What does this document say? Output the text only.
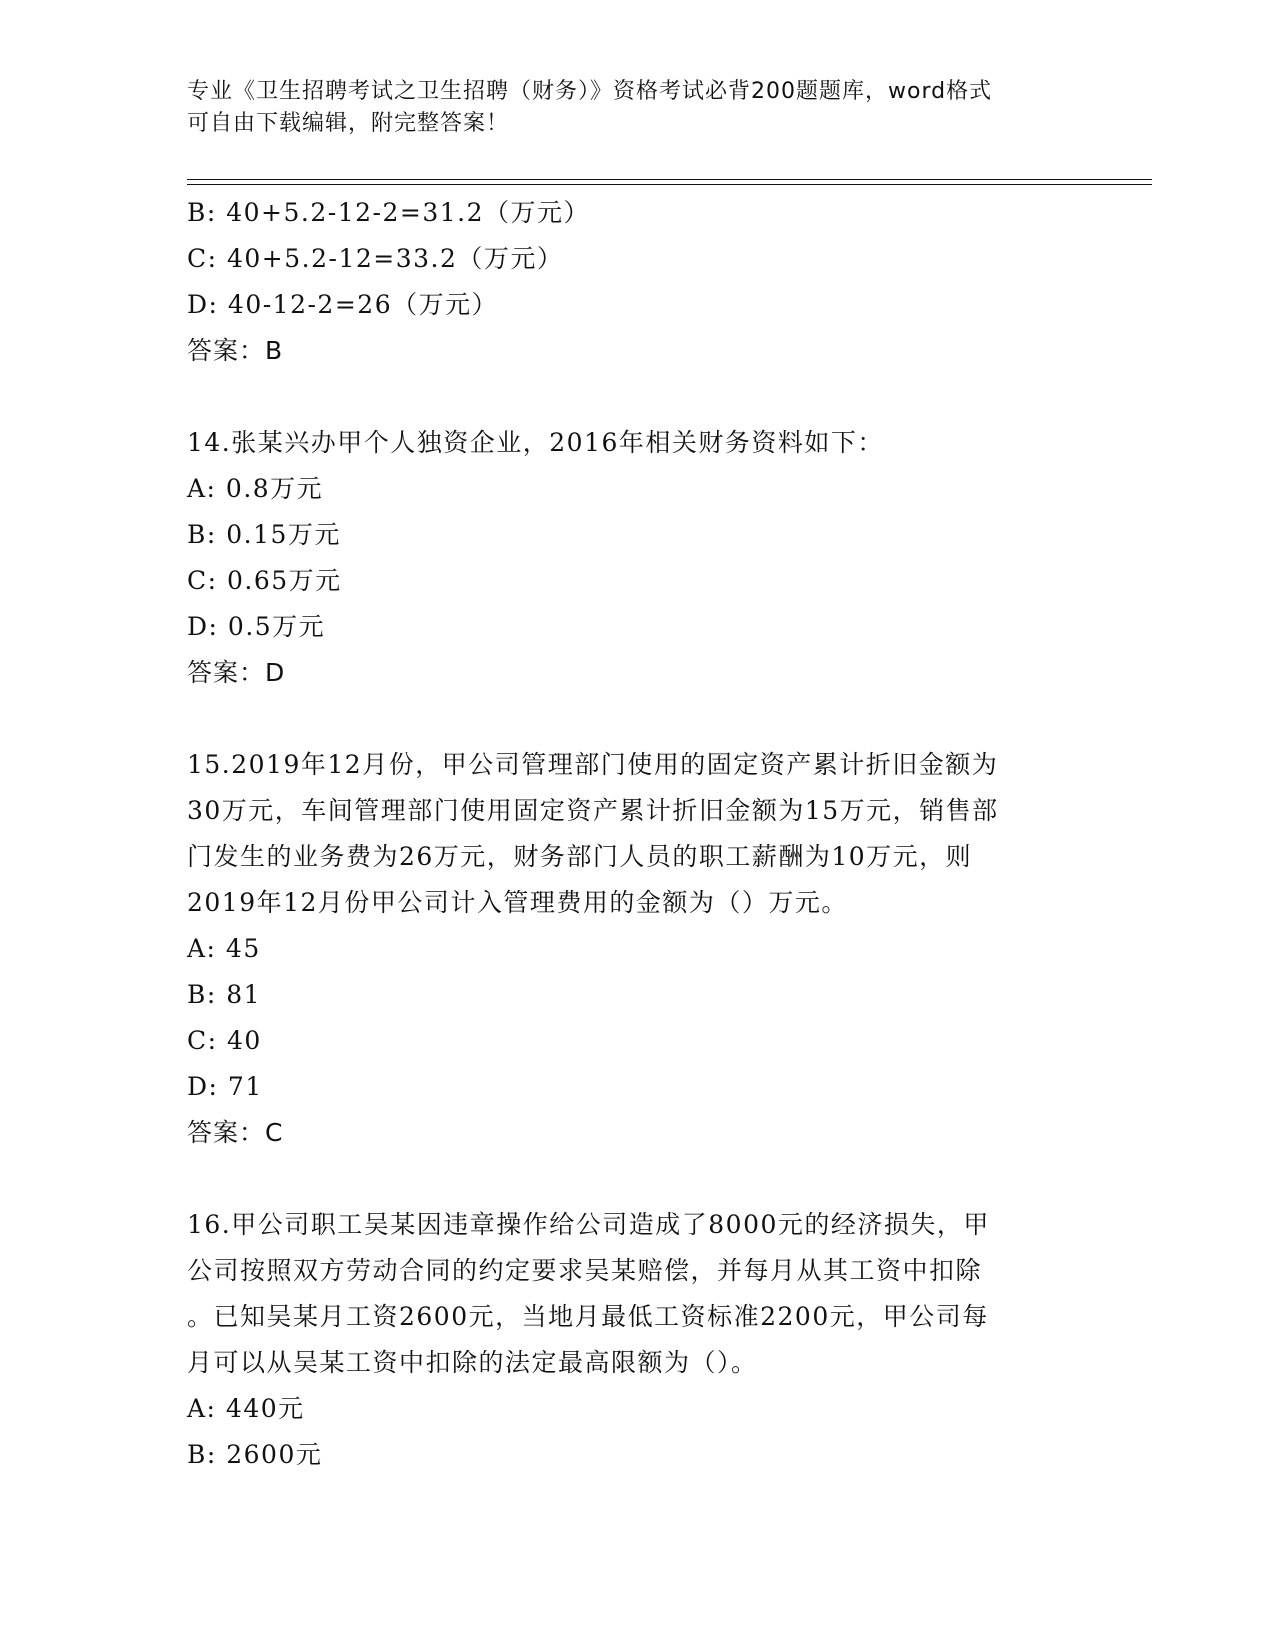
专业《卫生招聘考试之卫生招聘（财务）》资格考试必背200题题库，word格式

可自由下载编辑，附完整答案！

B: 40+5.2-12-2=31.2（万元）

C: 40+5.2-12=33.2（万元）

D: 40-12-2=26（万元）

答案：B

14.张某兴办甲个人独资企业，2016年相关财务资料如下：

A: 0.8万元

B: 0.15万元

C: 0.65万元

D: 0.5万元

答案：D

15.2019年12月份，甲公司管理部门使用的固定资产累计折旧金额为

30万元，车间管理部门使用固定资产累计折旧金额为15万元，销售部

门发生的业务费为26万元，财务部门人员的职工薪酬为10万元，则

2019年12月份甲公司计入管理费用的金额为（）万元。

A: 45

B: 81

C: 40

D: 71

答案：C

16.甲公司职工吴某因违章操作给公司造成了8000元的经济损失，甲

公司按照双方劳动合同的约定要求吴某赔偿，并每月从其工资中扣除

。已知吴某月工资2600元，当地月最低工资标准2200元，甲公司每

月可以从吴某工资中扣除的法定最高限额为（）。

A: 440元

B: 2600元
